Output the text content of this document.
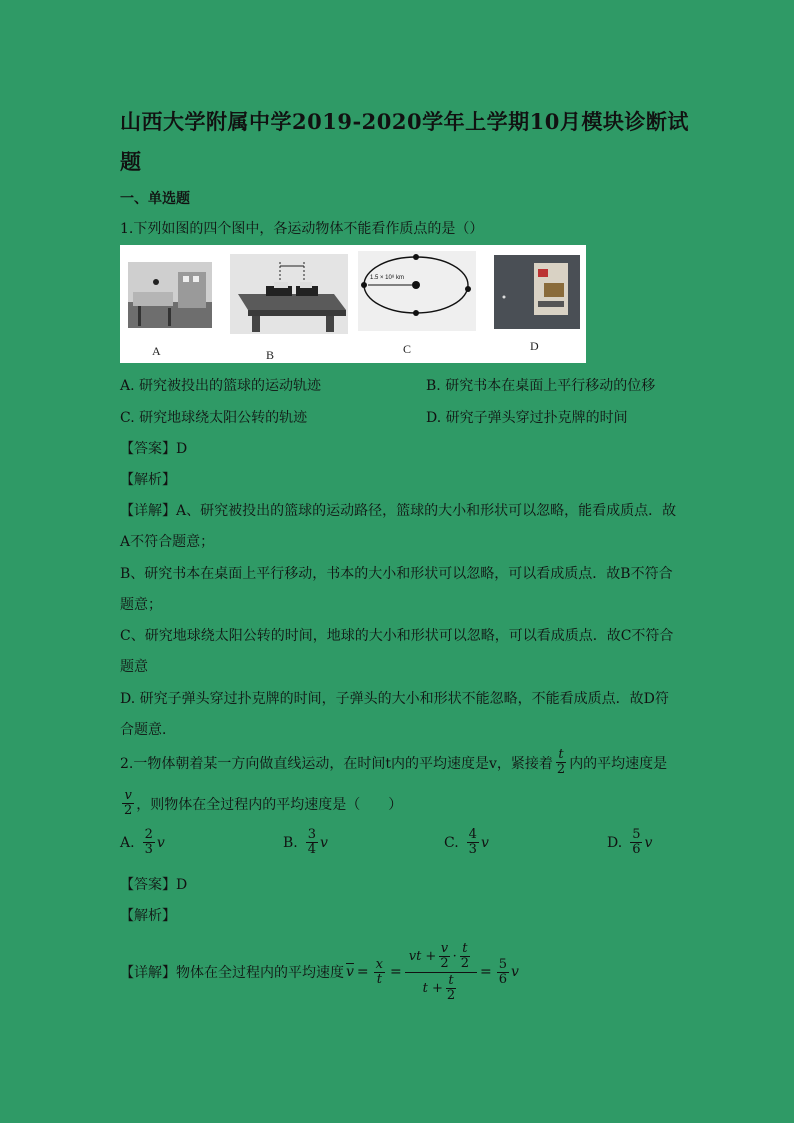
山西大学附属中学2019-2020学年上学期10月模块诊断试
题
一、单选题
1.下列如图的四个图中，各运动物体不能看作质点的是（）
A	B
1.5 × 10⁸ km
C	D
A. 研究被投出的篮球的运动轨迹	B. 研究书本在桌面上平行移动的位移
C. 研究地球绕太阳公转的轨迹	D. 研究子弹头穿过扑克牌的时间
【答案】D
【解析】
【详解】A、研究被投出的篮球的运动路径，篮球的大小和形状可以忽略，能看成质点．故
A不符合题意；
B、研究书本在桌面上平行移动，书本的大小和形状可以忽略，可以看成质点．故B不符合
题意；
C、研究地球绕太阳公转的时间，地球的大小和形状可以忽略，可以看成质点．故C不符合
题意
D. 研究子弹头穿过扑克牌的时间，子弹头的大小和形状不能忽略，不能看成质点．故D符
合题意．
2.一物体朝着某一方向做直线运动，在时间t内的平均速度是v，紧接着 $\frac{t}{2}$ 内的平均速度是
$\frac{v}{2}$ ，则物体在全过程内的平均速度是（　　）
A. $\frac{2}{3}$ v	B. $\frac{3}{4}$ v	C. $\frac{4}{3}$ v	D. $\frac{5}{6}$ v
【答案】D
【解析】
【详解】物体在全过程内的平均速度 $\overline{v} = \frac{x}{t}$ =
vt + $\frac{v}{2} \cdot \frac{t}{2}$
$t + \frac{t}{2}$
= $\frac{5}{6}$ v
